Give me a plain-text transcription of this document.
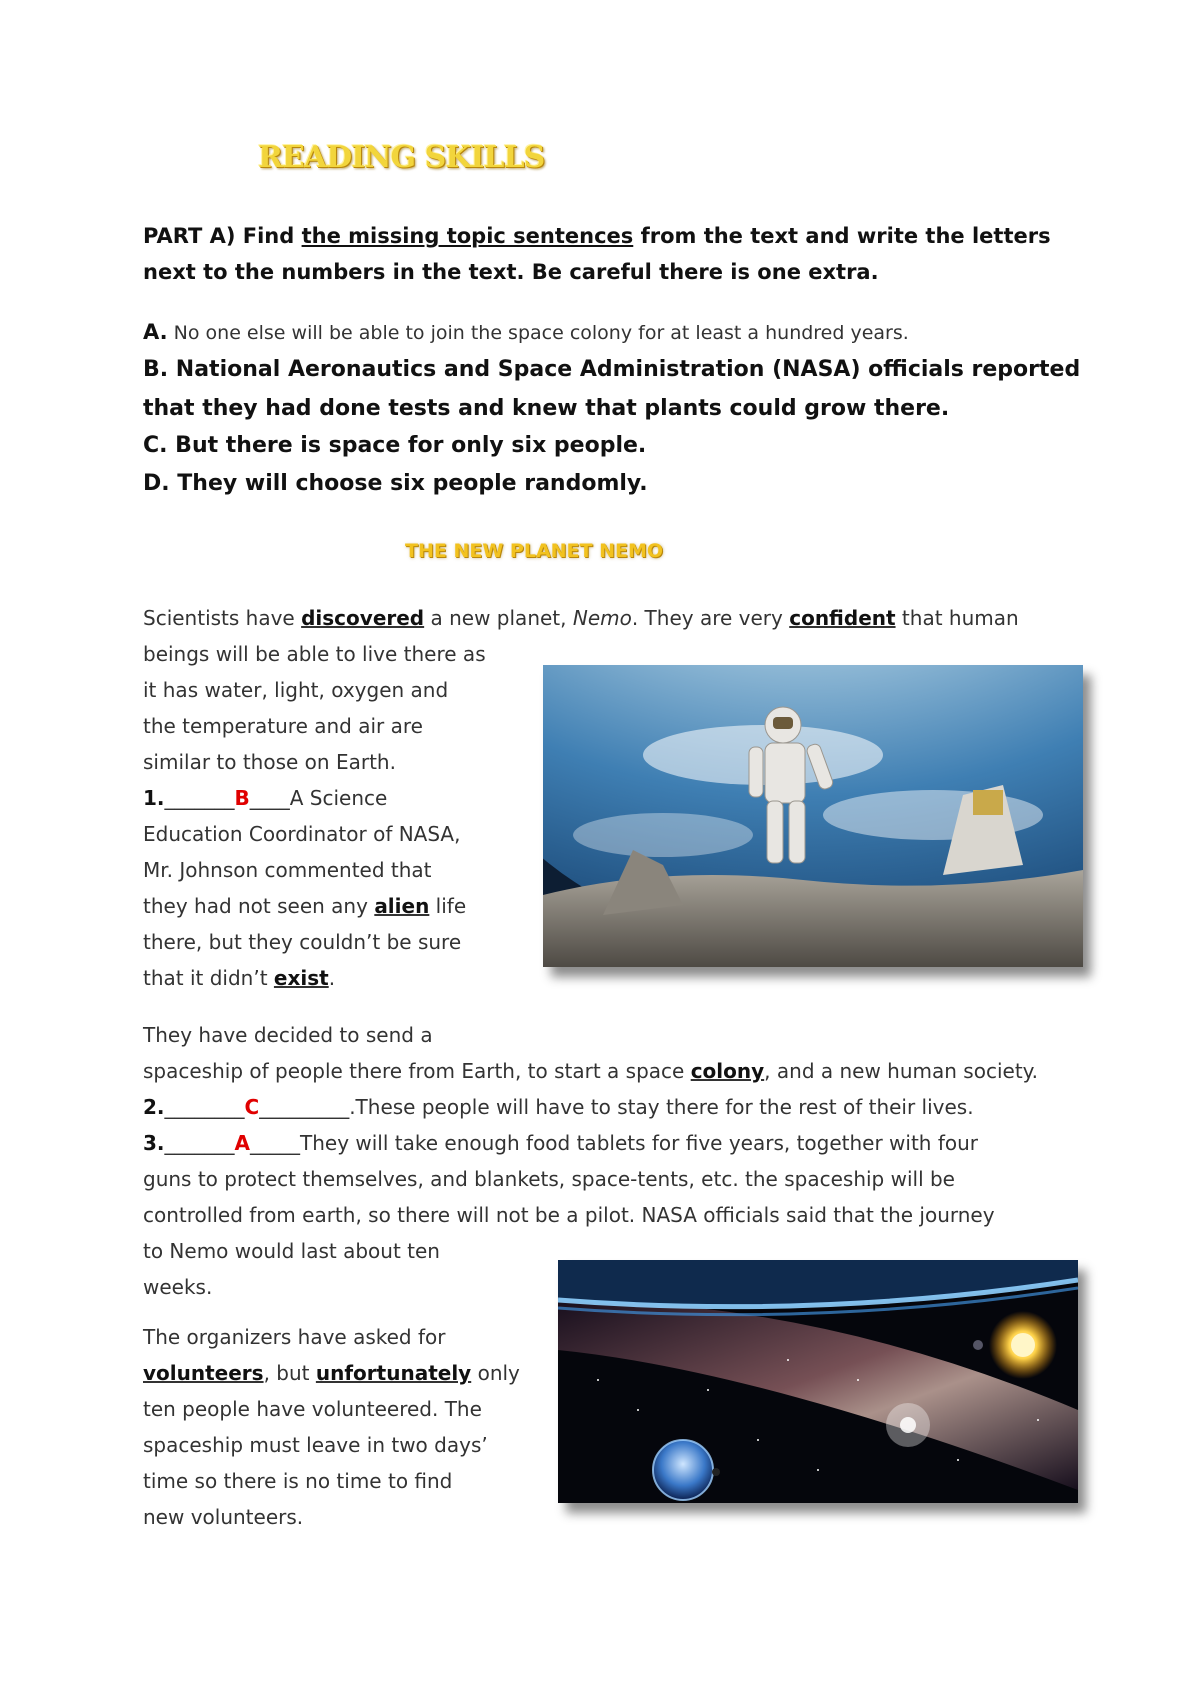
READING SKILLS
PART A) Find the missing topic sentences from the text and write the letters next to the numbers in the text. Be careful there is one extra.
A. No one else will be able to join the space colony for at least a hundred years.
B. National Aeronautics and Space Administration (NASA) officials reported that they had done tests and knew that plants could grow there.
C. But there is space for only six people.
D. They will choose six people randomly.
THE NEW PLANET NEMO
Scientists have discovered a new planet, Nemo. They are very confident that human
beings will be able to live there as
it has water, light, oxygen and
the temperature and air are
similar to those on Earth.
1._______B____A Science
Education Coordinator of NASA,
Mr. Johnson commented that
they had not seen any alien life
there, but they couldn’t be sure
that it didn’t exist.
They have decided to send a
spaceship of people there from Earth, to start a space colony, and a new human society.
2.________C_________.These people will have to stay there for the rest of their lives.
3._______A_____They will take enough food tablets for five years, together with four
guns to protect themselves, and blankets, space-tents, etc. the spaceship will be
controlled from earth, so there will not be a pilot. NASA officials said that the journey
to Nemo would last about ten
weeks.
The organizers have asked for
volunteers, but unfortunately only
ten people have volunteered. The
spaceship must leave in two days’
time so there is no time to find
new volunteers.
